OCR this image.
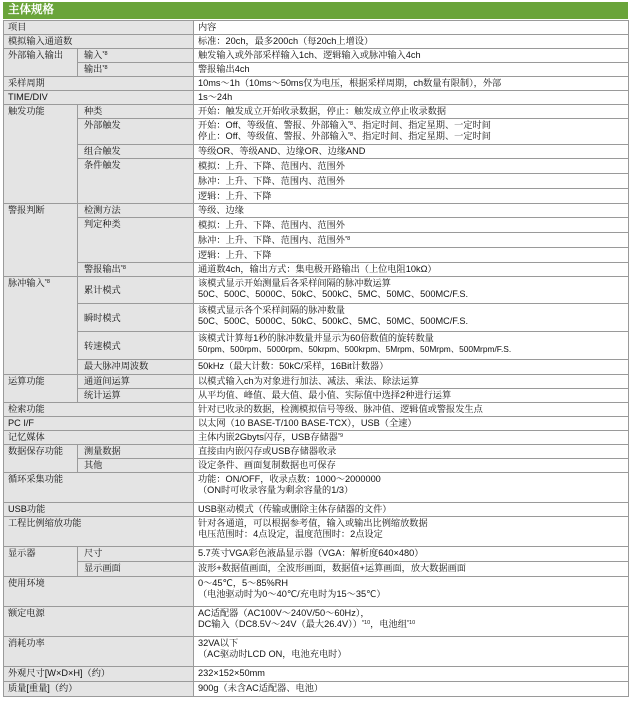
主体规格
项目		内容
模拟输入通道数		标准：20ch，最多200ch（每20ch上增设）
外部输入输出	输入$^{*8}$	触发输入或外部采样输入1ch、逻辑输入或脉冲输入4ch
	输出$^{*8}$	警报输出4ch
采样周期		10ms～1h（10ms～50ms仅为电压，根据采样周期，ch数量有限制），外部
TIME/DIV		1s～24h
触发功能	种类	开始：触发成立开始收录数据，停止：触发成立停止收录数据
	外部触发	开始：Off、等级值、警报、外部输入$^{*8}$、指定时间、指定星期、一定时间
停止：Off、等级值、警报、外部输入$^{*8}$、指定时间、指定星期、一定时间

	组合触发	等级OR、等级AND、边缘OR、边缘AND
	条件触发	模拟：上升、下降、范围内、范围外
脉冲：上升、下降、范围内、范围外
逻辑：上升、下降

警报判断	检测方法	等级、边缘
	判定种类	模拟：上升、下降、范围内、范围外
脉冲：上升、下降、范围内、范围外$^{*8}$
逻辑：上升、下降

	警报输出$^{*8}$	通道数4ch，输出方式：集电极开路输出（上位电阻10kΩ）
脉冲输入$^{*8}$	累计模式	该模式显示开始测量后各采样间隔的脉冲数运算
50C、500C、5000C、50kC、500kC、5MC、50MC、500MC/F.S.

	瞬时模式	该模式显示各个采样间隔的脉冲数量
50C、500C、5000C、50kC、500kC、5MC、50MC、500MC/F.S.

	转速模式	该模式计算每1秒的脉冲数量并显示为60倍数值的旋转数量
50rpm、500rpm、5000rpm、50krpm、500krpm、5Mrpm、50Mrpm、500Mrpm/F.S.

	最大脉冲周波数	50kHz（最大计数：50kC/采样，16Bit计数器）
运算功能	通道间运算	以模式输入ch为对象进行加法、减法、乘法、除法运算
	统计运算	从平均值、峰值、最大值、最小值、实际值中选择2种进行运算
检索功能		针对已收录的数据，检测模拟信号等级、脉冲值、逻辑值或警报发生点
PC I/F		以太网（10 BASE-T/100 BASE-TCX），USB（全速）
记忆媒体		主体内嵌2Gbyts闪存，USB存储器$^{*9}$
数据保存功能	测量数据	直接由内嵌闪存或USB存储器收录
	其他	设定条件、画面复制数据也可保存
循环采集功能		功能：ON/OFF，收录点数：1000～2000000
（ON时可收录容量为剩余容量的1/3）

USB功能		USB驱动模式（传输或删除主体存储器的文件）
工程比例缩放功能		针对各通道，可以根据参考值，输入或输出比例缩放数据
电压范围时：4点设定，温度范围时：2点设定

显示器	尺寸	5.7英寸VGA彩色液晶显示器（VGA：解析度640×480）
	显示画面	波形+数据值画面，全波形画面，数据值+运算画面，放大数据画面
使用环境		0～45℃，5～85%RH
（电池驱动时为0～40℃/充电时为15～35℃）

额定电源		AC适配器（AC100V～240V/50～60Hz），
DC输入（DC8.5V～24V（最大26.4V））$^{*10}$，电池组$^{*10}$

消耗功率		32VA以下
（AC驱动时LCD ON，电池充电时）

外观尺寸[W×D×H]（约）		232×152×50mm
质量[重量]（约）		900g（未含AC适配器、电池）
